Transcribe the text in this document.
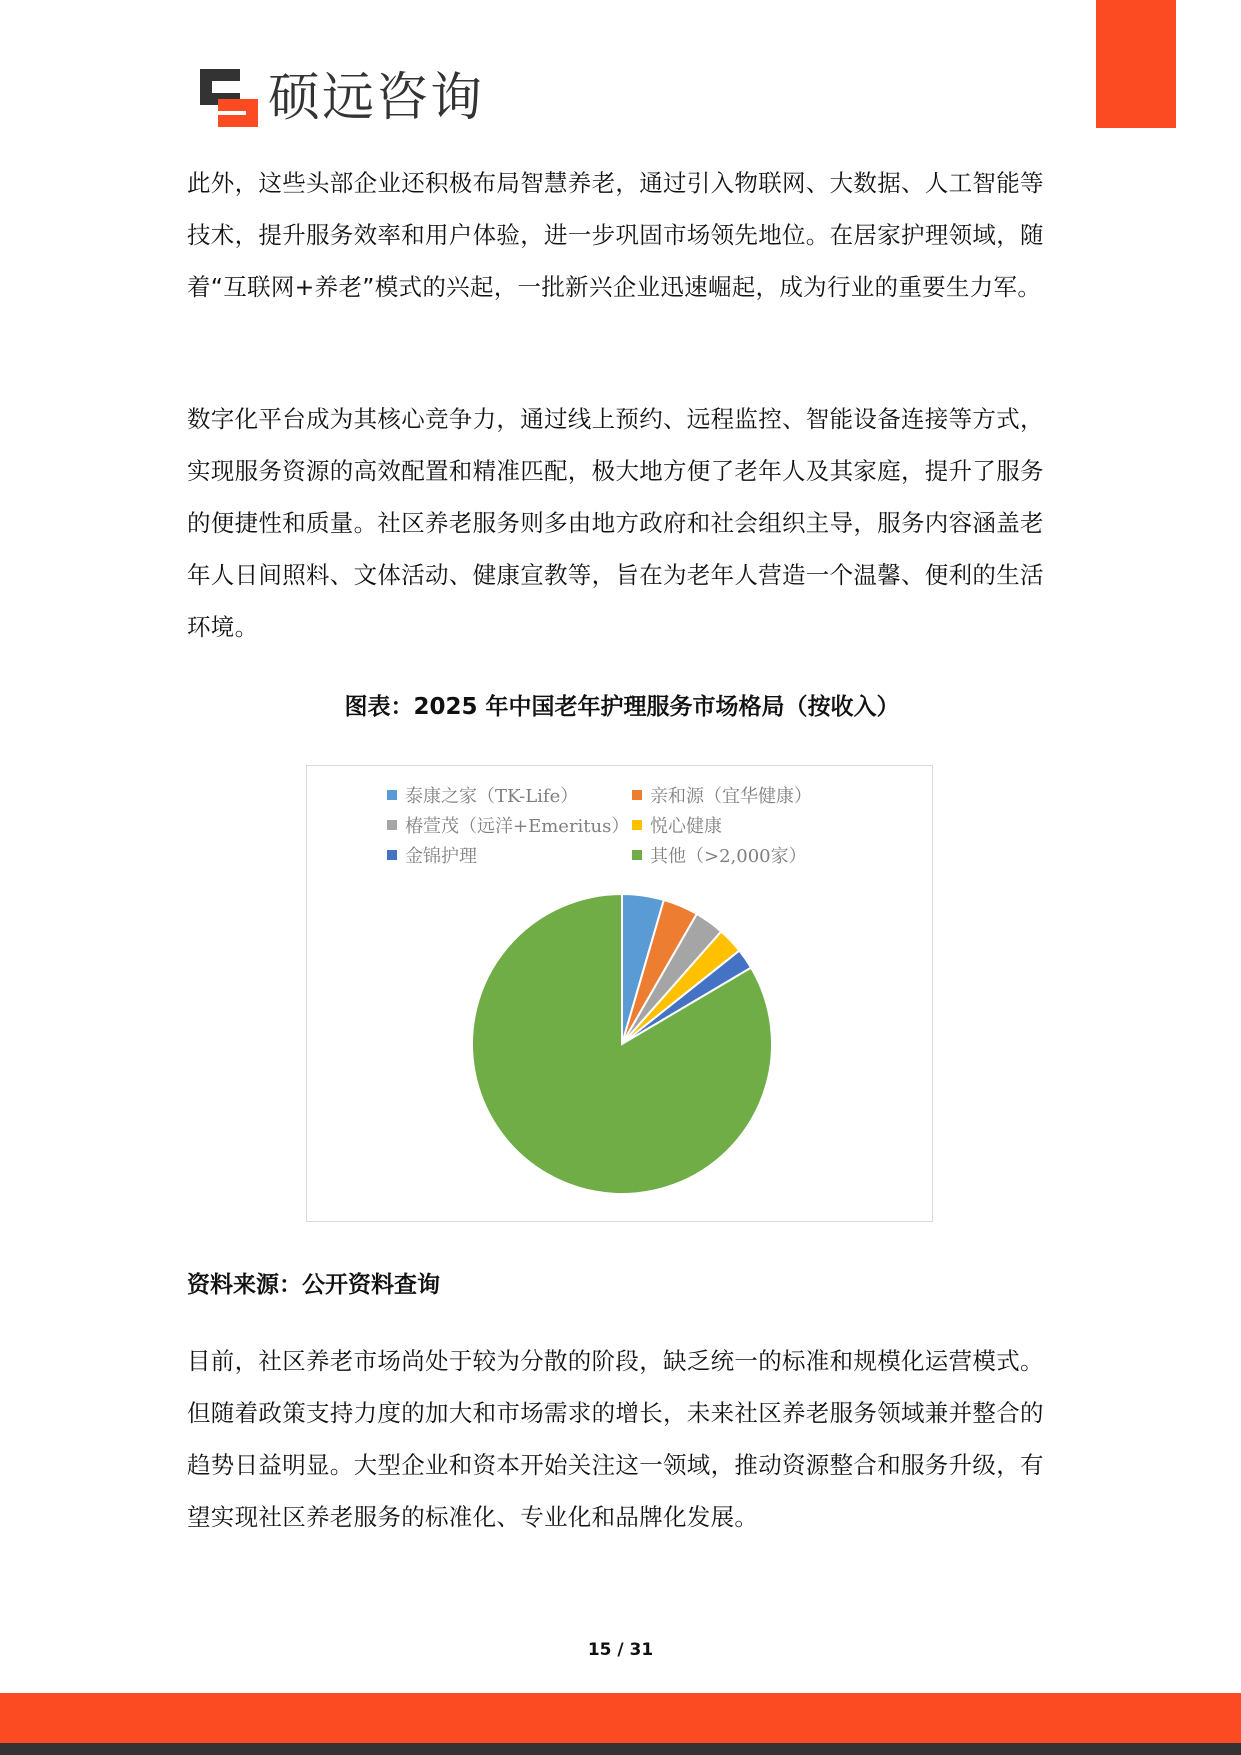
硕远咨询

此外，这些头部企业还积极布局智慧养老，通过引入物联网、大数据、人工智能等技术，提升服务效率和用户体验，进一步巩固市场领先地位。在居家护理领域，随着“互联网+养老”模式的兴起，一批新兴企业迅速崛起，成为行业的重要生力军。

数字化平台成为其核心竞争力，通过线上预约、远程监控、智能设备连接等方式，实现服务资源的高效配置和精准匹配，极大地方便了老年人及其家庭，提升了服务的便捷性和质量。社区养老服务则多由地方政府和社会组织主导，服务内容涵盖老年人日间照料、文体活动、健康宣教等，旨在为老年人营造一个温馨、便利的生活环境。

图表：2025 年中国老年护理服务市场格局（按收入）
泰康之家（TK-Life）	亲和源（宜华健康）
椿萱茂（远洋+Emeritus） 悦心健康
金锦护理	其他（>2,000家）
资料来源：公开资料查询

目前，社区养老市场尚处于较为分散的阶段，缺乏统一的标准和规模化运营模式。但随着政策支持力度的加大和市场需求的增长，未来社区养老服务领域兼并整合的趋势日益明显。大型企业和资本开始关注这一领域，推动资源整合和服务升级，有望实现社区养老服务的标准化、专业化和品牌化发展。

15 / 31
